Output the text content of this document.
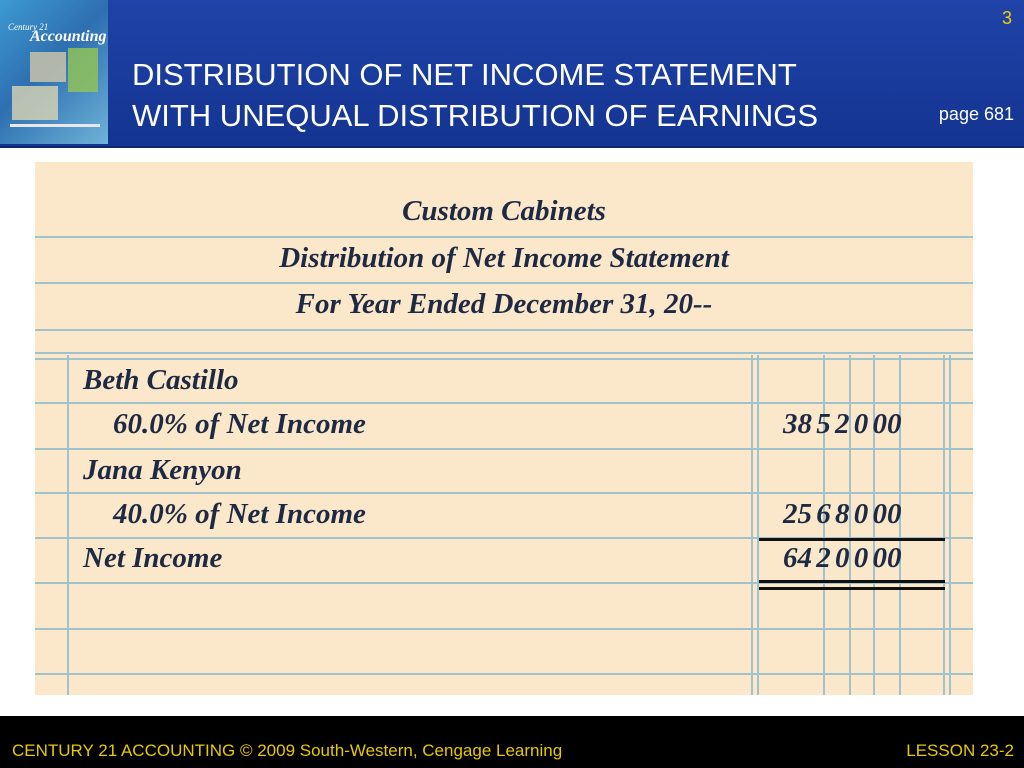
Century 21
Accounting
3
DISTRIBUTION OF NET INCOME STATEMENT
WITH UNEQUAL DISTRIBUTION OF EARNINGS	page 681
Custom Cabinets
Distribution of Net Income Statement
For Year Ended December 31, 20--
Beth Castillo
60.0% of Net Income	38 5 2 0 00
Jana Kenyon
40.0% of Net Income	25 6 8 0 00
Net Income	64 2 0 0 00
CENTURY 21 ACCOUNTING © 2009 South-Western, Cengage Learning	LESSON 23-2
